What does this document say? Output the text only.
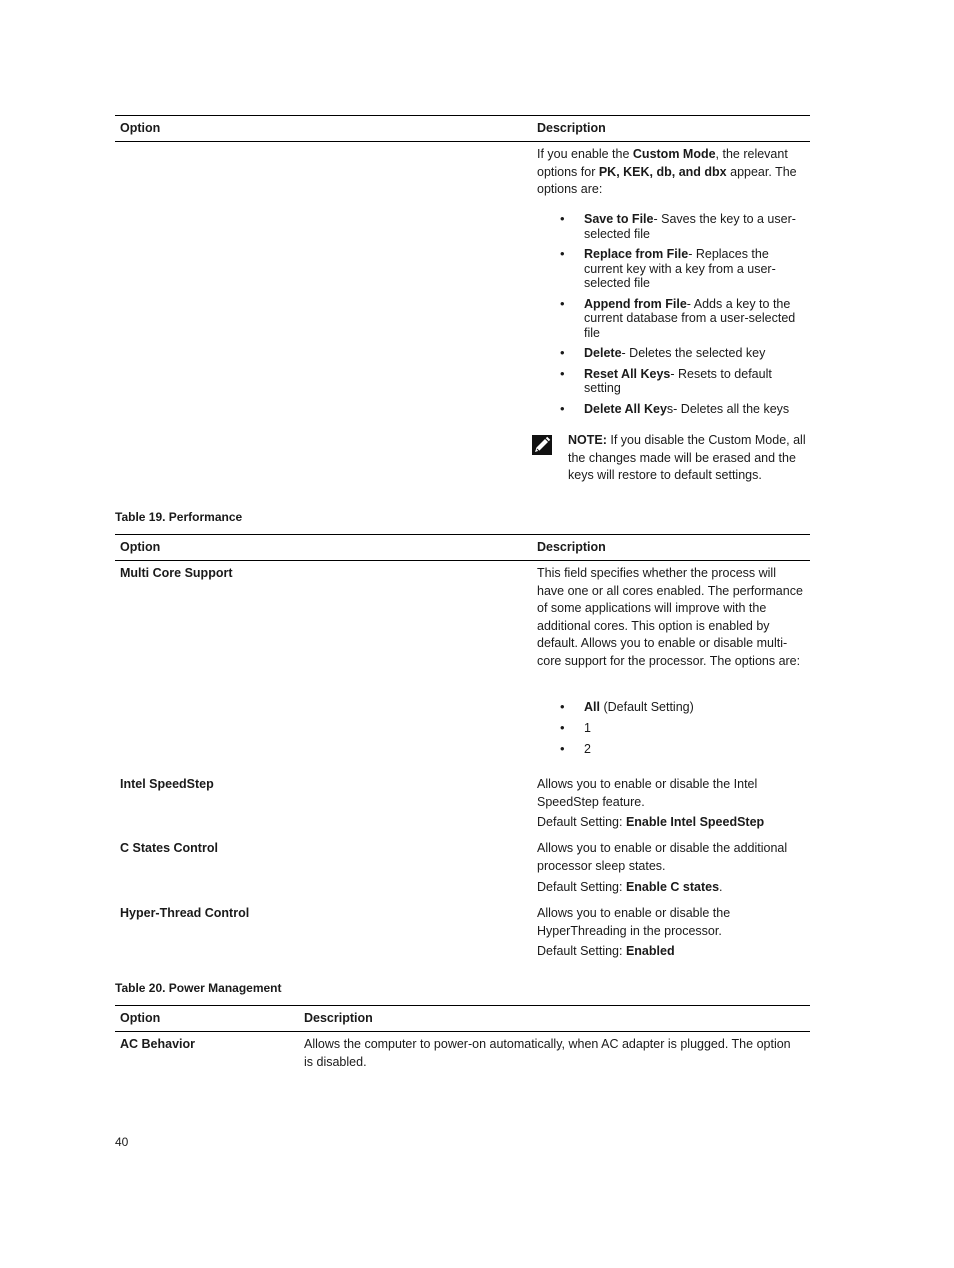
Option	Description
If you enable the Custom Mode, the relevant options for PK, KEK, db, and dbx appear. The options are:
• Save to File- Saves the key to a user-selected file
• Replace from File- Replaces the current key with a key from a user-selected file
• Append from File- Adds a key to the current database from a user-selected file
• Delete- Deletes the selected key
• Reset All Keys- Resets to default setting
• Delete All Keys- Deletes all the keys
NOTE: If you disable the Custom Mode, all the changes made will be erased and the keys will restore to default settings.
Table 19. Performance
Option	Description
Multi Core Support	This field specifies whether the process will have one or all cores enabled. The performance of some applications will improve with the additional cores. This option is enabled by default. Allows you to enable or disable multi-core support for the processor. The options are:
• All (Default Setting)
• 1
• 2
Intel SpeedStep	Allows you to enable or disable the Intel SpeedStep feature.
Default Setting: Enable Intel SpeedStep
C States Control	Allows you to enable or disable the additional processor sleep states.
Default Setting: Enable C states.
Hyper-Thread Control	Allows you to enable or disable the HyperThreading in the processor.
Default Setting: Enabled
Table 20. Power Management
Option	Description
AC Behavior	Allows the computer to power-on automatically, when AC adapter is plugged. The option is disabled.
40
